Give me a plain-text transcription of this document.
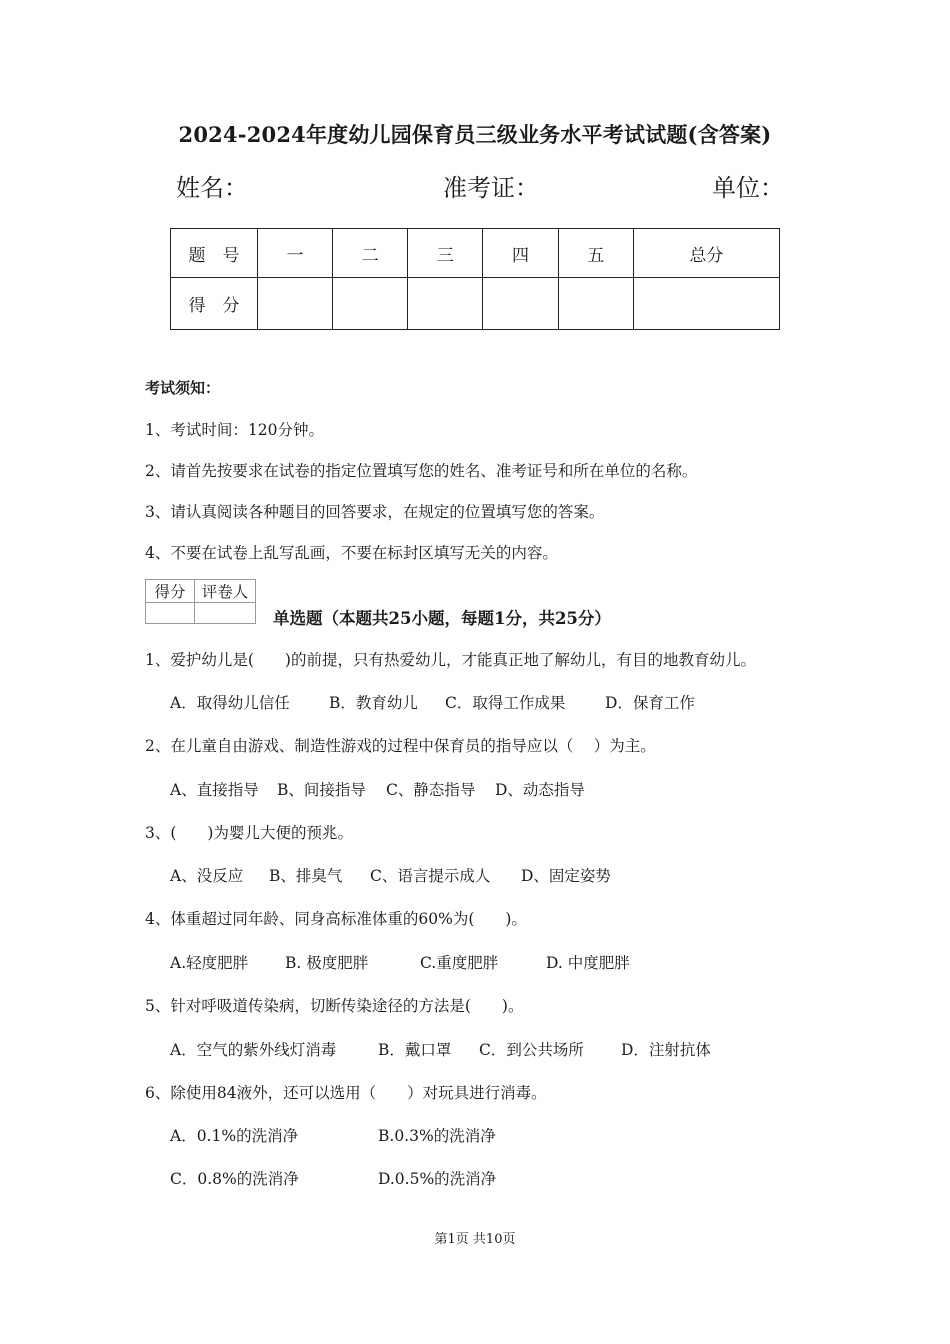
2024-2024年度幼儿园保育员三级业务水平考试试题(含答案)
姓名：	准考证：	单位：
题　号	一	二	三	四	五	总分
得　分						
考试须知：
1、考试时间：120分钟。
2、请首先按要求在试卷的指定位置填写您的姓名、准考证号和所在单位的名称。
3、请认真阅读各种题目的回答要求，在规定的位置填写您的答案。
4、不要在试卷上乱写乱画，不要在标封区填写无关的内容。
得分	评卷人

单选题（本题共25小题，每题1分，共25分）
1、爱护幼儿是(　　)的前提，只有热爱幼儿，才能真正地了解幼儿，有目的地教育幼儿。
A．取得幼儿信任	B．教育幼儿 C．取得工作成果	D．保育工作
2、在儿童自由游戏、制造性游戏的过程中保育员的指导应以（　 ）为主。
A、直接指导 B、间接指导 C、静态指导 D、动态指导
3、(　　)为婴儿大便的预兆。
A、没反应 B、排臭气 C、语言提示成人 D、固定姿势
4、体重超过同年龄、同身高标准体重的60%为(　　)。
A.轻度肥胖 B. 极度肥胖	C.重度肥胖	D. 中度肥胖
5、针对呼吸道传染病，切断传染途径的方法是(　　)。
A．空气的紫外线灯消毒	B．戴口罩 C．到公共场所 D．注射抗体
6、除使用84液外，还可以选用（　　）对玩具进行消毒。
A．0.1%的洗消净	B.0.3%的洗消净
C．0.8%的洗消净	D.0.5%的洗消净
第1页 共10页
